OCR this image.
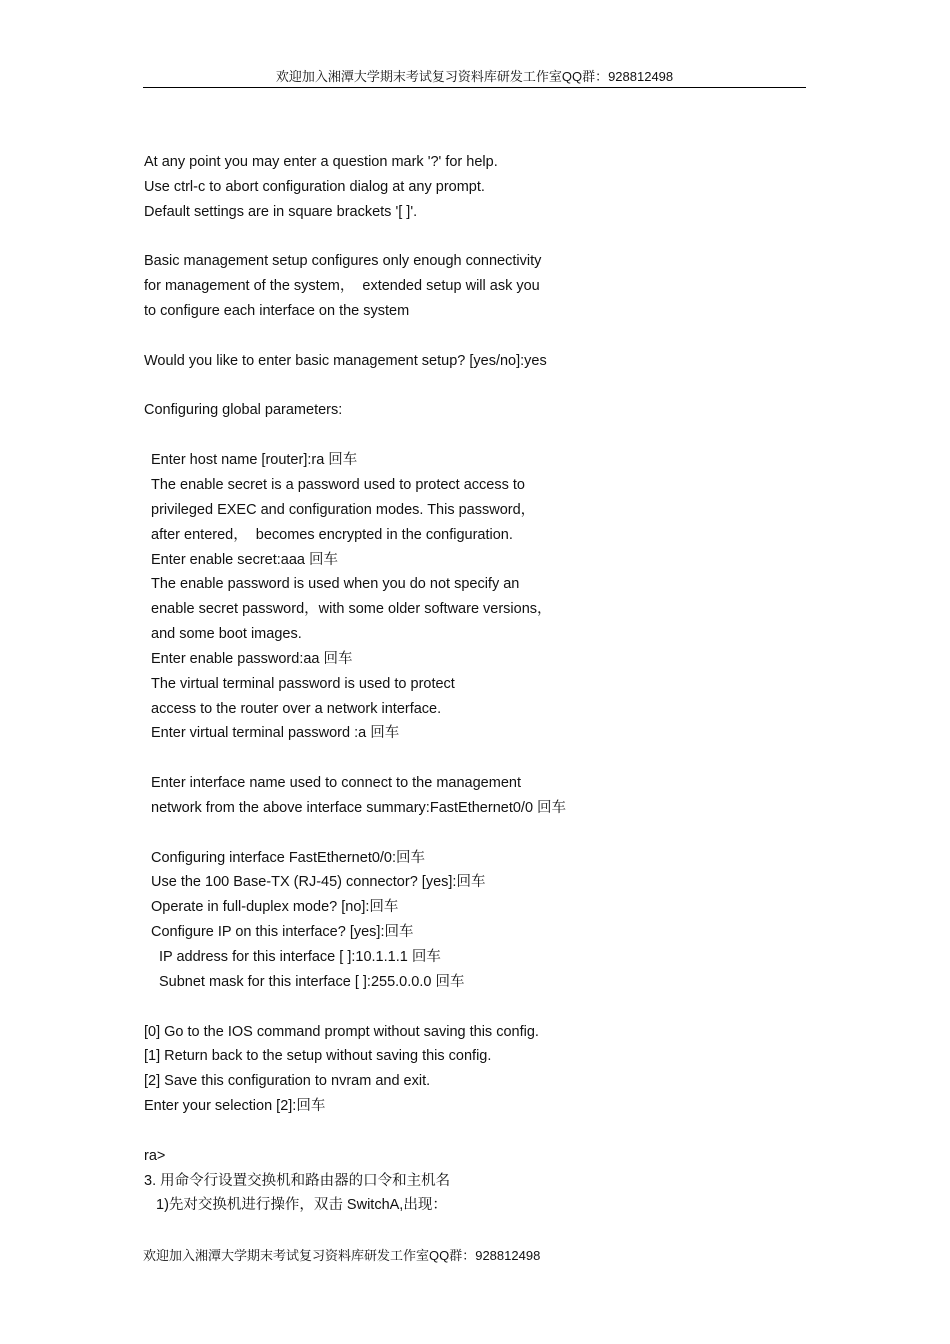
欢迎加入湘潭大学期末考试复习资料库研发工作室QQ群：928812498
At any point you may enter a question mark '?' for help.
Use ctrl-c to abort configuration dialog at any prompt.
Default settings are in square brackets '[ ]'.
Basic management setup configures only enough connectivity
for management of the system，  extended setup will ask you
to configure each interface on the system
Would you like to enter basic management setup? [yes/no]:yes
Configuring global parameters:
Enter host name [router]:ra 回车
The enable secret is a password used to protect access to
privileged EXEC and configuration modes. This password，
after entered，  becomes encrypted in the configuration.
Enter enable secret:aaa 回车
The enable password is used when you do not specify an
enable secret password，with some older software versions，
and some boot images.
Enter enable password:aa 回车
The virtual terminal password is used to protect
access to the router over a network interface.
Enter virtual terminal password :a 回车
Enter interface name used to connect to the management
network from the above interface summary:FastEthernet0/0 回车
Configuring interface FastEthernet0/0:回车
Use the 100 Base-TX (RJ-45) connector? [yes]:回车
Operate in full-duplex mode? [no]:回车
Configure IP on this interface? [yes]:回车
IP address for this interface [ ]:10.1.1.1 回车
Subnet mask for this interface [ ]:255.0.0.0 回车
[0] Go to the IOS command prompt without saving this config.
[1] Return back to the setup without saving this config.
[2] Save this configuration to nvram and exit.
Enter your selection [2]:回车
ra>
3. 用命令行设置交换机和路由器的口令和主机名
1)先对交换机进行操作，双击 SwitchA,出现：
欢迎加入湘潭大学期末考试复习资料库研发工作室QQ群：928812498
